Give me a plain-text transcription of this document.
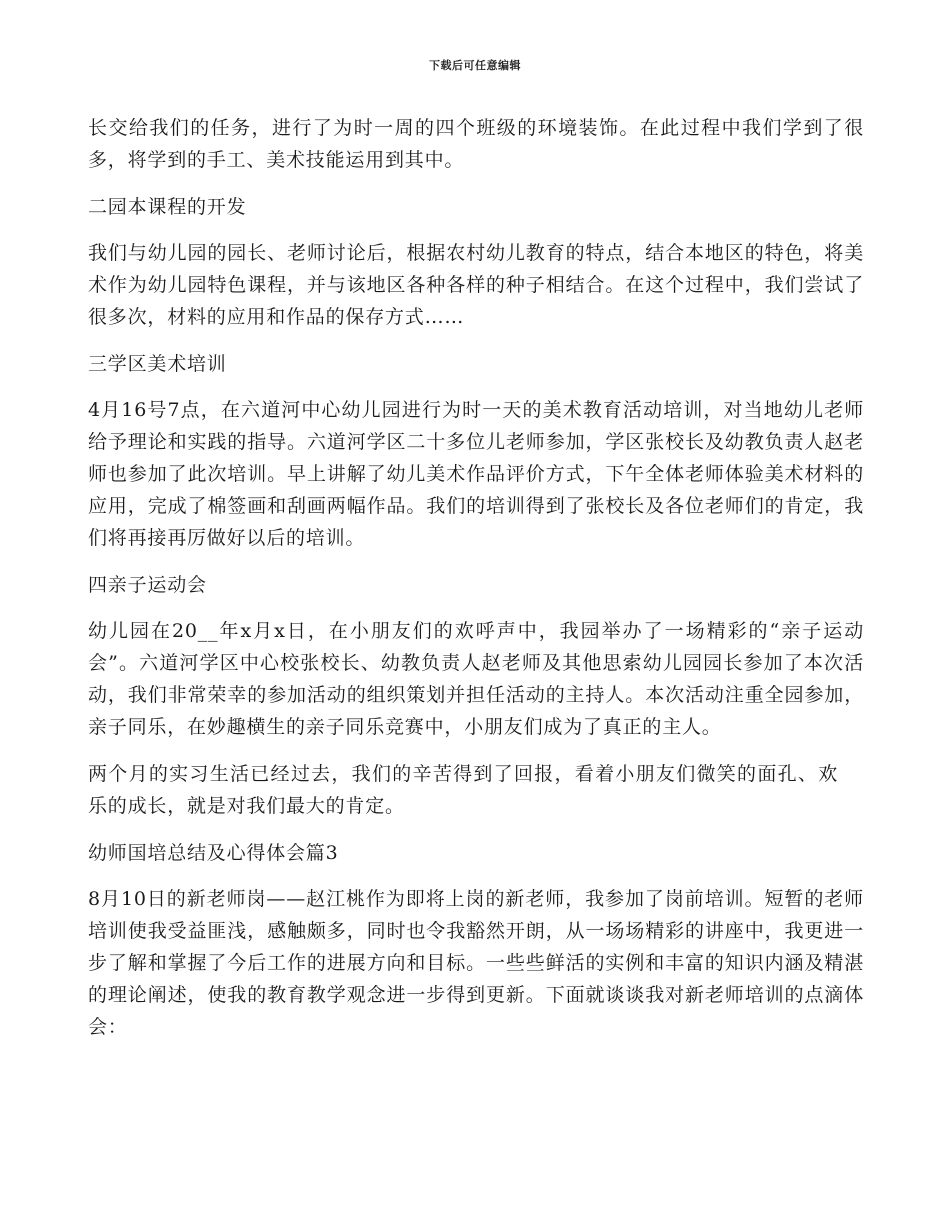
下载后可任意编辑

长交给我们的任务，进行了为时一周的四个班级的环境装饰。在此过程中我们学到了很多，将学到的手工、美术技能运用到其中。

二园本课程的开发

我们与幼儿园的园长、老师讨论后，根据农村幼儿教育的特点，结合本地区的特色，将美术作为幼儿园特色课程，并与该地区各种各样的种子相结合。在这个过程中，我们尝试了很多次，材料的应用和作品的保存方式……

三学区美术培训

4月16号7点，在六道河中心幼儿园进行为时一天的美术教育活动培训，对当地幼儿老师给予理论和实践的指导。六道河学区二十多位儿老师参加，学区张校长及幼教负责人赵老师也参加了此次培训。早上讲解了幼儿美术作品评价方式，下午全体老师体验美术材料的应用，完成了棉签画和刮画两幅作品。我们的培训得到了张校长及各位老师们的肯定，我们将再接再厉做好以后的培训。

四亲子运动会

幼儿园在20__年x月x日，在小朋友们的欢呼声中，我园举办了一场精彩的“亲子运动会”。六道河学区中心校张校长、幼教负责人赵老师及其他思索幼儿园园长参加了本次活动，我们非常荣幸的参加活动的组织策划并担任活动的主持人。本次活动注重全园参加，亲子同乐，在妙趣横生的亲子同乐竞赛中，小朋友们成为了真正的主人。

两个月的实习生活已经过去，我们的辛苦得到了回报，看着小朋友们微笑的面孔、欢乐的成长，就是对我们最大的肯定。

幼师国培总结及心得体会篇3

8月10日的新老师岗——赵江桃作为即将上岗的新老师，我参加了岗前培训。短暂的老师培训使我受益匪浅，感触颇多，同时也令我豁然开朗，从一场场精彩的讲座中，我更进一步了解和掌握了今后工作的进展方向和目标。一些些鲜活的实例和丰富的知识内涵及精湛的理论阐述，使我的教育教学观念进一步得到更新。下面就谈谈我对新老师培训的点滴体会：
